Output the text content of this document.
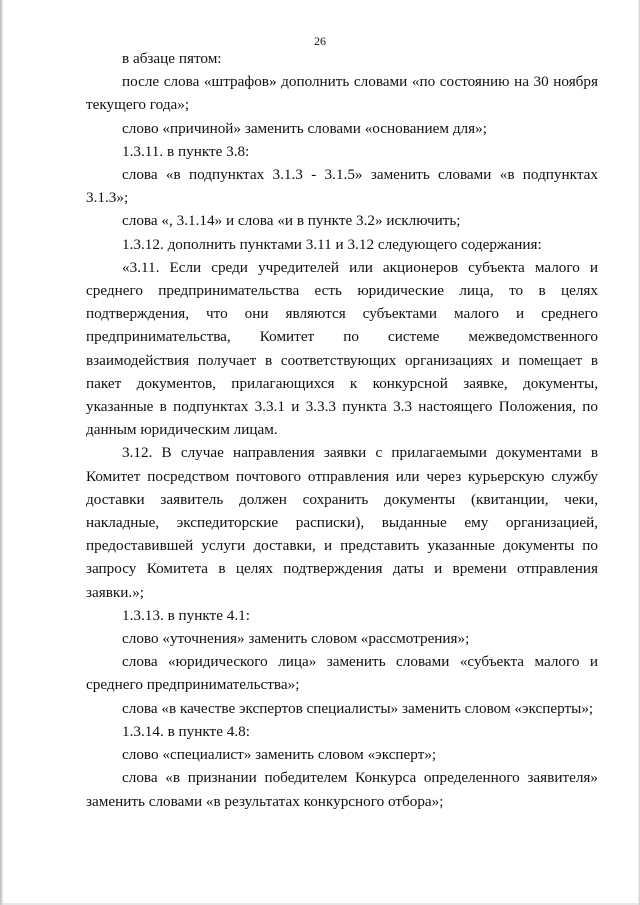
26

в абзаце пятом:

после слова «штрафов» дополнить словами «по состоянию на 30 ноября текущего года»;

слово «причиной» заменить словами «основанием для»;

1.3.11. в пункте 3.8:

слова «в подпунктах 3.1.3 - 3.1.5» заменить словами «в подпунктах 3.1.3»;

слова «, 3.1.14» и слова «и в пункте 3.2» исключить;

1.3.12. дополнить пунктами 3.11 и 3.12 следующего содержания:

«3.11. Если среди учредителей или акционеров субъекта малого и среднего предпринимательства есть юридические лица, то в целях подтверждения, что они являются субъектами малого и среднего предпринимательства, Комитет по системе межведомственного взаимодействия получает в соответствующих организациях и помещает в пакет документов, прилагающихся к конкурсной заявке, документы, указанные в подпунктах 3.3.1 и 3.3.3 пункта 3.3 настоящего Положения, по данным юридическим лицам.

3.12. В случае направления заявки с прилагаемыми документами в Комитет посредством почтового отправления или через курьерскую службу доставки заявитель должен сохранить документы (квитанции, чеки, накладные, экспедиторские расписки), выданные ему организацией, предоставившей услуги доставки, и представить указанные документы по запросу Комитета в целях подтверждения даты и времени отправления заявки.»;

1.3.13. в пункте 4.1:

слово «уточнения» заменить словом «рассмотрения»;

слова «юридического лица» заменить словами «субъекта малого и среднего предпринимательства»;

слова «в качестве экспертов специалисты» заменить словом «эксперты»;

1.3.14. в пункте 4.8:

слово «специалист» заменить словом «эксперт»;

слова «в признании победителем Конкурса определенного заявителя» заменить словами «в результатах конкурсного отбора»;
